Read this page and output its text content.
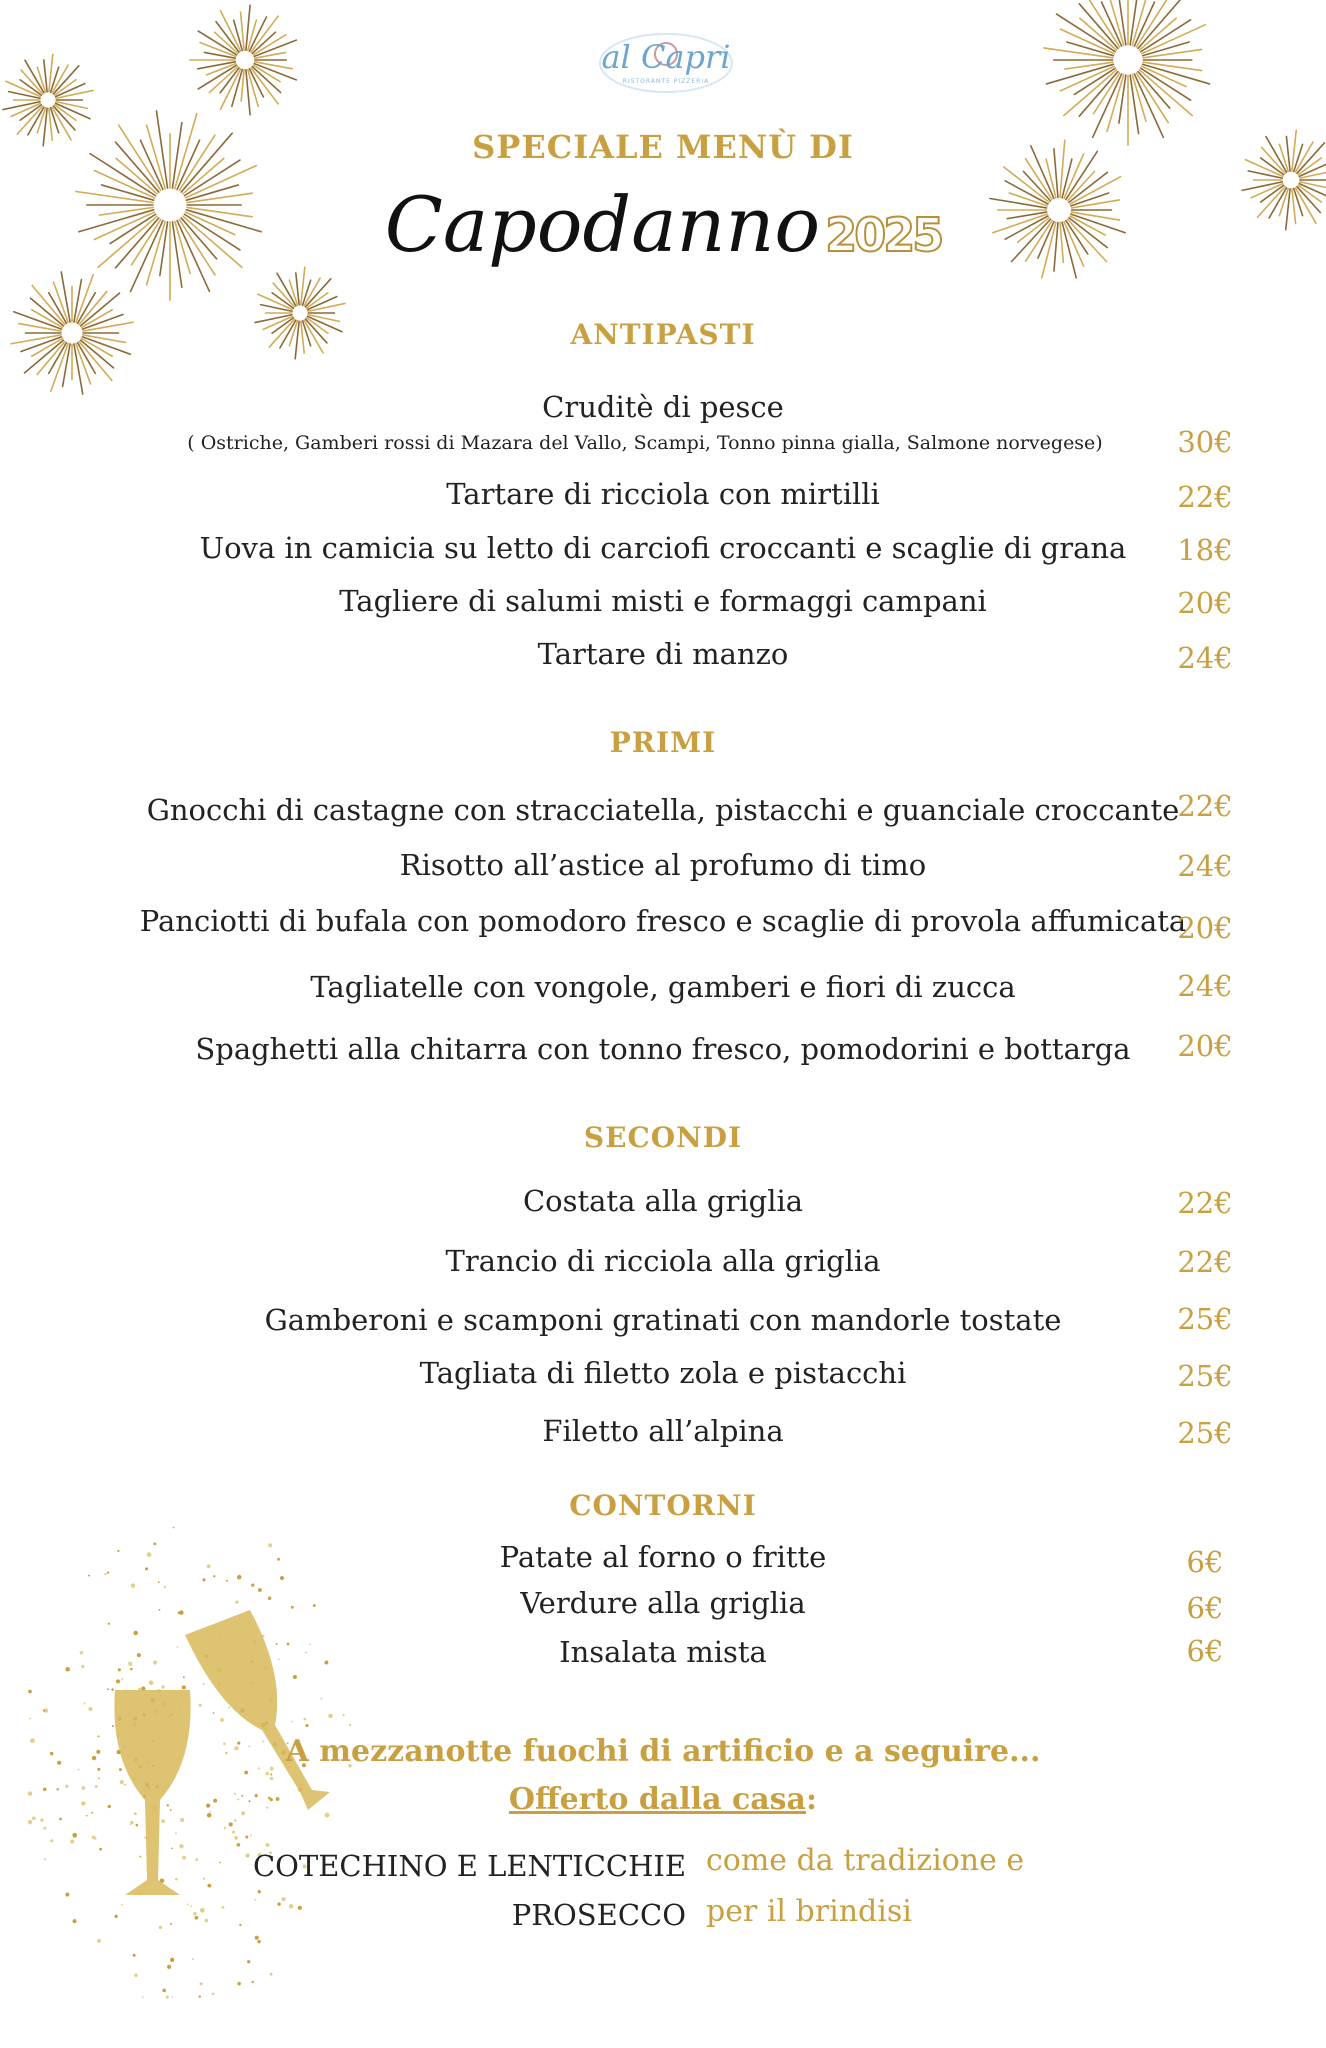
al Capri
RISTORANTE PIZZERIA
SPECIALE MENÙ DI
Capodanno 2025
ANTIPASTI
Cruditè di pesce
( Ostriche, Gamberi rossi di Mazara del Vallo, Scampi, Tonno pinna gialla, Salmone norvegese)	30€
Tartare di ricciola con mirtilli	22€
Uova in camicia su letto di carciofi croccanti e scaglie di grana	18€
Tagliere di salumi misti e formaggi campani	20€
Tartare di manzo	24€
PRIMI
Gnocchi di castagne con stracciatella, pistacchi e guanciale croccante
22€
Risotto all’astice al profumo di timo	24€
Panciotti di bufala con pomodoro fresco e scaglie di provola affumicata
20€
Tagliatelle con vongole, gamberi e fiori di zucca	24€
Spaghetti alla chitarra con tonno fresco, pomodorini e bottarga	20€
SECONDI
Costata alla griglia	22€
Trancio di ricciola alla griglia	22€
Gamberoni e scamponi gratinati con mandorle tostate	25€
Tagliata di filetto zola e pistacchi	25€
Filetto all’alpina	25€
CONTORNI
Patate al forno o fritte	6€
Verdure alla griglia	6€
Insalata mista	6€
A mezzanotte fuochi di artificio e a seguire...
Offerto dalla casa:
COTECHINO E LENTICCHIE come da tradizione e
PROSECCO per il brindisi
